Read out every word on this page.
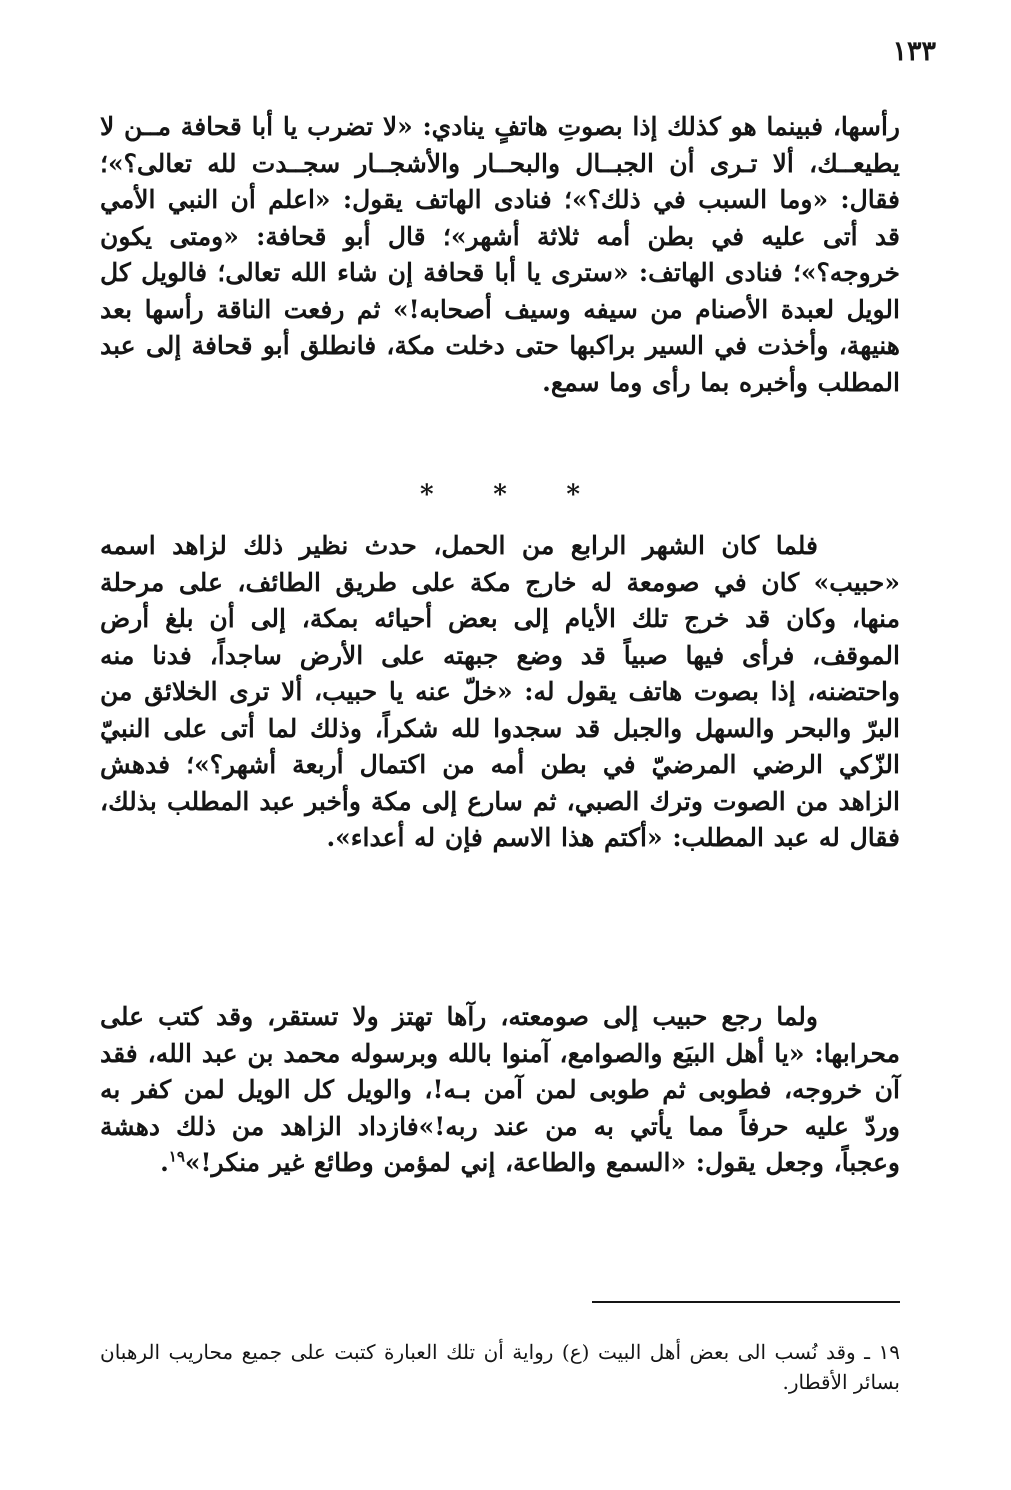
١٣٣

رأسها، فبينما هو كذلك إذا بصوتِ هاتفٍ ينادي: «لا تضرب يا أبا قحافة مــن لا يطيعــك، ألا تـرى أن الجبــال والبحــار والأشجــار سجــدت لله تعالى؟»؛ فقال: «وما السبب في ذلك؟»؛ فنادى الهاتف يقول: «اعلم أن النبي الأمي قد أتى عليه في بطن أمه ثلاثة أشهر»؛ قال أبو قحافة: «ومتى يكون خروجه؟»؛ فنادى الهاتف: «سترى يا أبا قحافة إن شاء الله تعالى؛ فالويل كل الويل لعبدة الأصنام من سيفه وسيف أصحابه!» ثم رفعت الناقة رأسها بعد هنيهة، وأخذت في السير براكبها حتى دخلت مكة، فانطلق أبو قحافة إلى عبد المطلب وأخبره بما رأى وما سمع.

* * *

فلما كان الشهر الرابع من الحمل، حدث نظير ذلك لزاهد اسمه «حبيب» كان في صومعة له خارج مكة على طريق الطائف، على مرحلة منها، وكان قد خرج تلك الأيام إلى بعض أحيائه بمكة، إلى أن بلغ أرض الموقف، فرأى فيها صبياً قد وضع جبهته على الأرض ساجداً، فدنا منه واحتضنه، إذا بصوت هاتف يقول له: «خلّ عنه يا حبيب، ألا ترى الخلائق من البرّ والبحر والسهل والجبل قد سجدوا لله شكراً، وذلك لما أتى على النبيّ الزّكي الرضي المرضيّ في بطن أمه من اكتمال أربعة أشهر؟»؛ فدهش الزاهد من الصوت وترك الصبي، ثم سارع إلى مكة وأخبر عبد المطلب بذلك، فقال له عبد المطلب: «أكتم هذا الاسم فإن له أعداء».

ولما رجع حبيب إلى صومعته، رآها تهتز ولا تستقر، وقد كتب على محرابها: «يا أهل البيَع والصوامع، آمنوا بالله وبرسوله محمد بن عبد الله، فقد آن خروجه، فطوبى ثم طوبى لمن آمن بـه!، والويل كل الويل لمن كفر به وردّ عليه حرفاً مما يأتي به من عند ربه!»فازداد الزاهد من ذلك دهشة وعجباً، وجعل يقول: «السمع والطاعة، إني لمؤمن وطائع غير منكر!»$^{١٩}$.

١٩ ـ وقد نُسب الى بعض أهل البيت (ع) رواية أن تلك العبارة كتبت على جميع محاريب الرهبان بسائر الأقطار.
